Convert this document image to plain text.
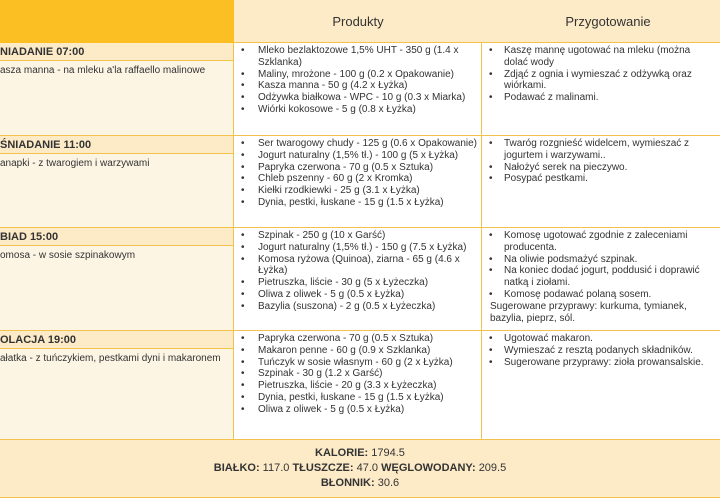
Produkty	Przygotowanie
NIADANIE 07:00
asza manna - na mleku a'la raffaello malinowe
• Mleko bezlaktozowe 1,5% UHT - 350 g (1.4 x Szklanka)
• Maliny, mrożone - 100 g (0.2 x Opakowanie)
• Kasza manna - 50 g (4.2 x Łyżka)
• Odżywka białkowa - WPC - 10 g (0.3 x Miarka)
• Wiórki kokosowe - 5 g (0.8 x Łyżka)
• Kaszę mannę ugotować na mleku (można dolać wody
• Zdjąć z ognia i wymieszać z odżywką oraz wiórkami.
• Podawać z malinami.
ŚNIADANIE 11:00
anapki - z twarogiem i warzywami
• Ser twarogowy chudy - 125 g (0.6 x Opakowanie)
• Jogurt naturalny (1,5% tł.) - 100 g (5 x Łyżka)
• Papryka czerwona - 70 g (0.5 x Sztuka)
• Chleb pszenny - 60 g (2 x Kromka)
• Kiełki rzodkiewki - 25 g (3.1 x Łyżka)
• Dynia, pestki, łuskane - 15 g (1.5 x Łyżka)
• Twaróg rozgnieść widelcem, wymieszać z jogurtem i warzywami..
• Nałożyć serek na pieczywo.
• Posypać pestkami.
BIAD 15:00
omosa - w sosie szpinakowym
• Szpinak - 250 g (10 x Garść)
• Jogurt naturalny (1,5% tł.) - 150 g (7.5 x Łyżka)
• Komosa ryżowa (Quinoa), ziarna - 65 g (4.6 x Łyżka)
• Pietruszka, liście - 30 g (5 x Łyżeczka)
• Oliwa z oliwek - 5 g (0.5 x Łyżka)
• Bazylia (suszona) - 2 g (0.5 x Łyżeczka)
• Komosę ugotować zgodnie z zaleceniami producenta.
• Na oliwie podsmażyć szpinak.
• Na koniec dodać jogurt, poddusić i doprawić natką i ziołami.
• Komosę podawać polaną sosem.
Sugerowane przyprawy: kurkuma, tymianek, bazylia, pieprz, sól.
OLACJA 19:00
ałatka - z tuńczykiem, pestkami dyni i makaronem
• Papryka czerwona - 70 g (0.5 x Sztuka)
• Makaron penne - 60 g (0.9 x Szklanka)
• Tuńczyk w sosie własnym - 60 g (2 x Łyżka)
• Szpinak - 30 g (1.2 x Garść)
• Pietruszka, liście - 20 g (3.3 x Łyżeczka)
• Dynia, pestki, łuskane - 15 g (1.5 x Łyżka)
• Oliwa z oliwek - 5 g (0.5 x Łyżka)
• Ugotować makaron.
• Wymieszać z resztą podanych składników.
• Sugerowane przyprawy: zioła prowansalskie.
KALORIE: 1794.5
BIAŁKO: 117.0 TŁUSZCZE: 47.0 WĘGLOWODANY: 209.5
BŁONNIK: 30.6
